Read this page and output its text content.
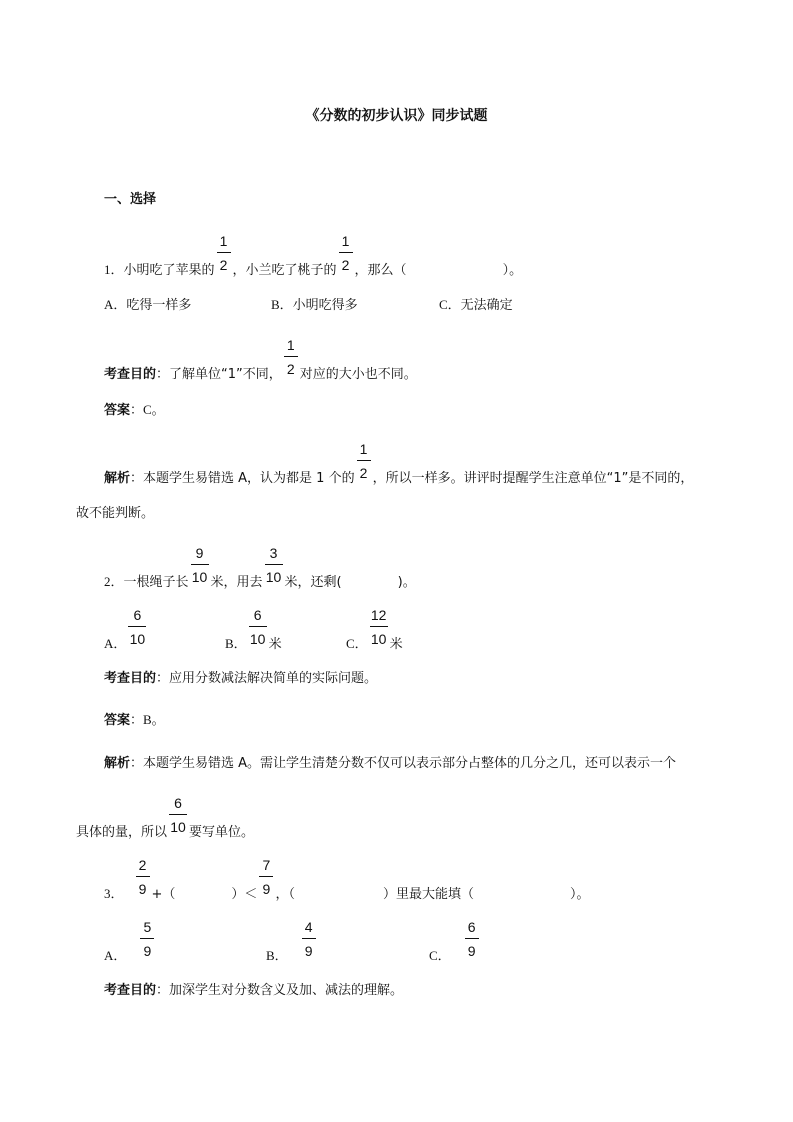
《分数的初步认识》同步试题
一、选择
1．小明吃了苹果的 $\frac{1}{2}$ ，小兰吃了桃子的 $\frac{1}{2}$ ，那么（	）。
A．吃得一样多	B．小明吃得多	C．无法确定
考查目的：了解单位“1”不同， $\frac{1}{2}$ 对应的大小也不同。
答案：C。
解析：本题学生易错选 A，认为都是 1 个的 $\frac{1}{2}$ ，所以一样多。讲评时提醒学生注意单位“1”是不同的，
故不能判断。
2．一根绳子长 $\frac{9}{10}$ 米，用去 $\frac{3}{10}$ 米，还剩(	)。
A． $\frac{6}{10}$	B． $\frac{6}{10}$ 米	C． $\frac{12}{10}$ 米
考查目的：应用分数减法解决简单的实际问题。
答案：B。
解析：本题学生易错选 A。需让学生清楚分数不仅可以表示部分占整体的几分之几，还可以表示一个
具体的量，所以 $\frac{6}{10}$ 要写单位。
3． $\frac{2}{9}$ +（	）＜ $\frac{7}{9}$ ，（	）里最大能填（	）。
A． $\frac{5}{9}$	B． $\frac{4}{9}$	C． $\frac{6}{9}$
考查目的：加深学生对分数含义及加、减法的理解。
